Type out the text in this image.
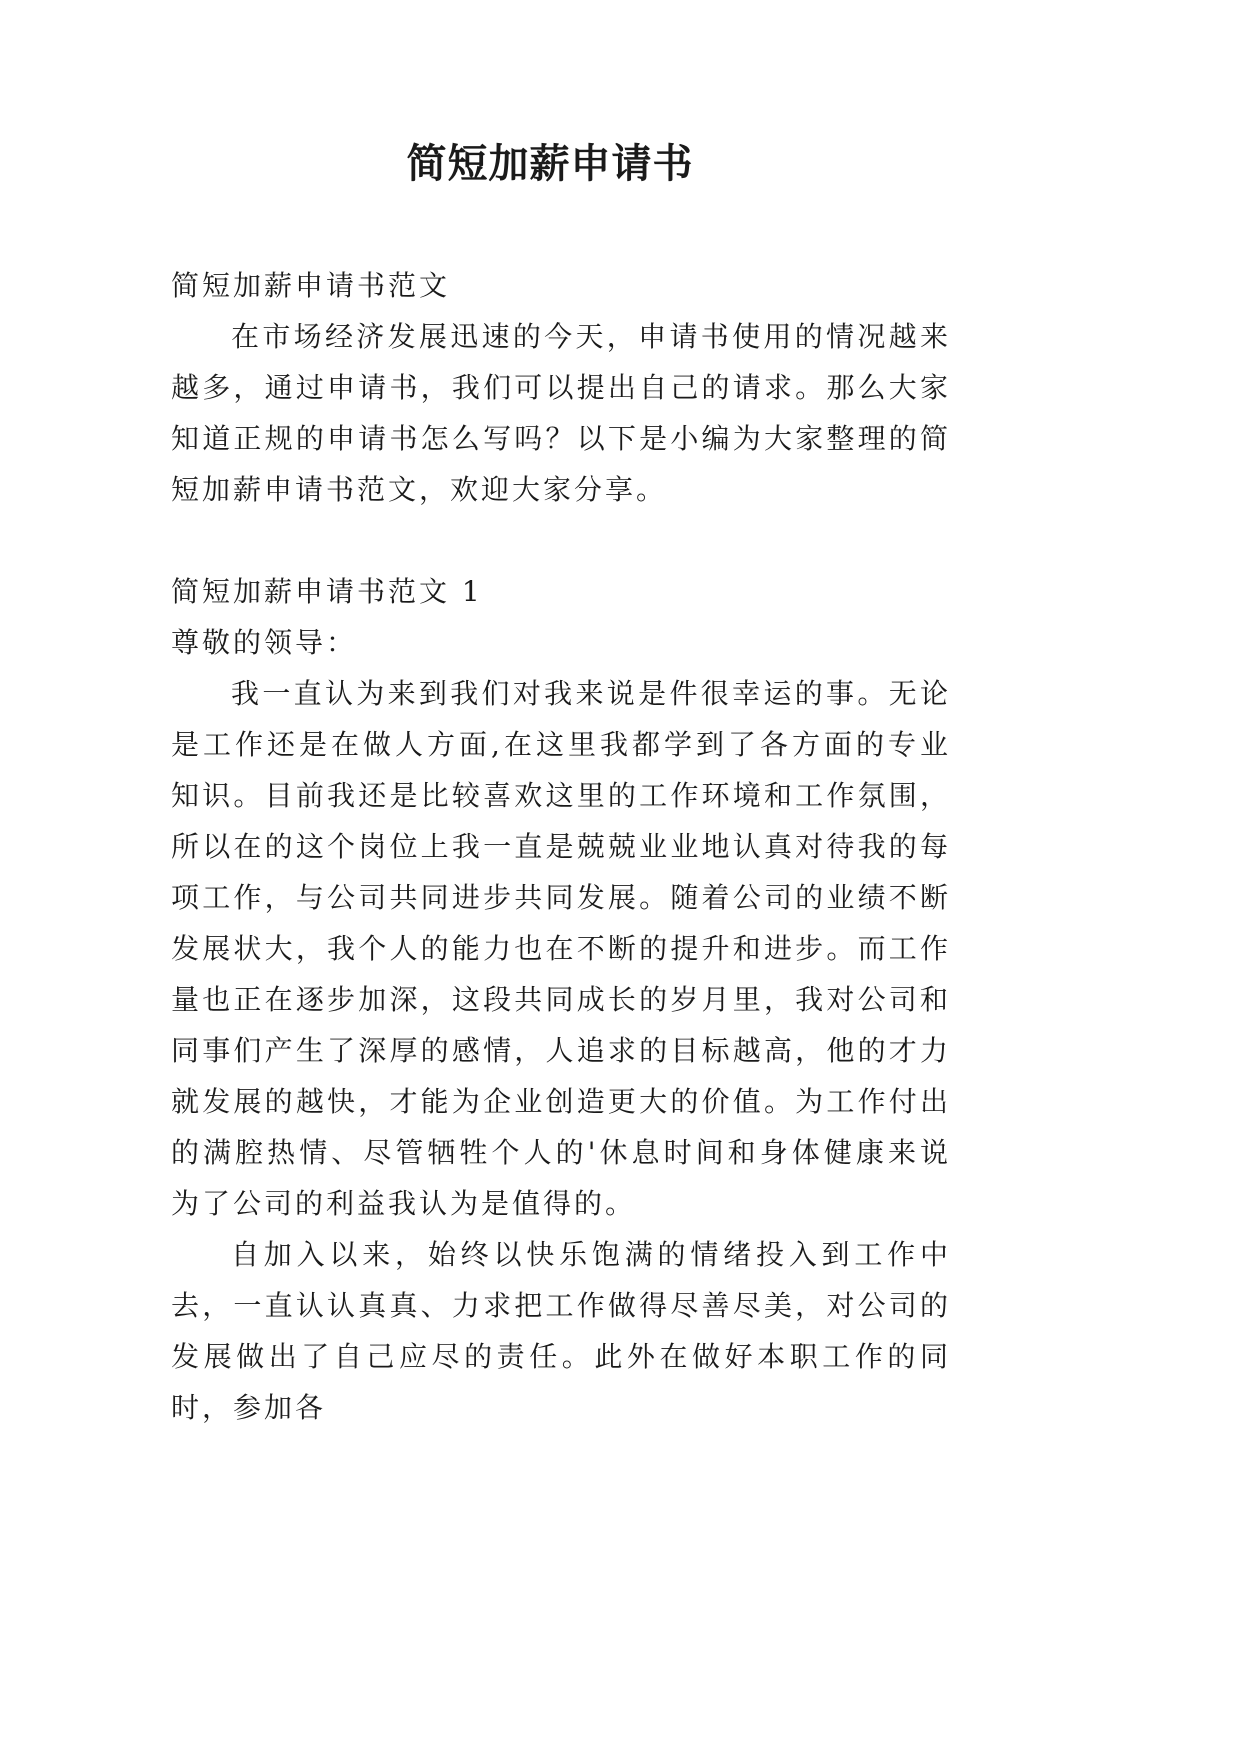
简短加薪申请书

简短加薪申请书范文

在市场经济发展迅速的今天，申请书使用的情况越来越多，通过申请书，我们可以提出自己的请求。那么大家知道正规的申请书怎么写吗？以下是小编为大家整理的简短加薪申请书范文，欢迎大家分享。

简短加薪申请书范文 1

尊敬的领导：

我一直认为来到我们对我来说是件很幸运的事。无论是工作还是在做人方面,在这里我都学到了各方面的专业知识。目前我还是比较喜欢这里的工作环境和工作氛围，所以在的这个岗位上我一直是兢兢业业地认真对待我的每项工作，与公司共同进步共同发展。随着公司的业绩不断发展状大，我个人的能力也在不断的提升和进步。而工作量也正在逐步加深，这段共同成长的岁月里，我对公司和同事们产生了深厚的感情，人追求的目标越高，他的才力就发展的越快，才能为企业创造更大的价值。为工作付出的满腔热情、尽管牺牲个人的'休息时间和身体健康来说为了公司的利益我认为是值得的。

自加入以来，始终以快乐饱满的情绪投入到工作中去，一直认认真真、力求把工作做得尽善尽美，对公司的发展做出了自己应尽的责任。此外在做好本职工作的同时，参加各
